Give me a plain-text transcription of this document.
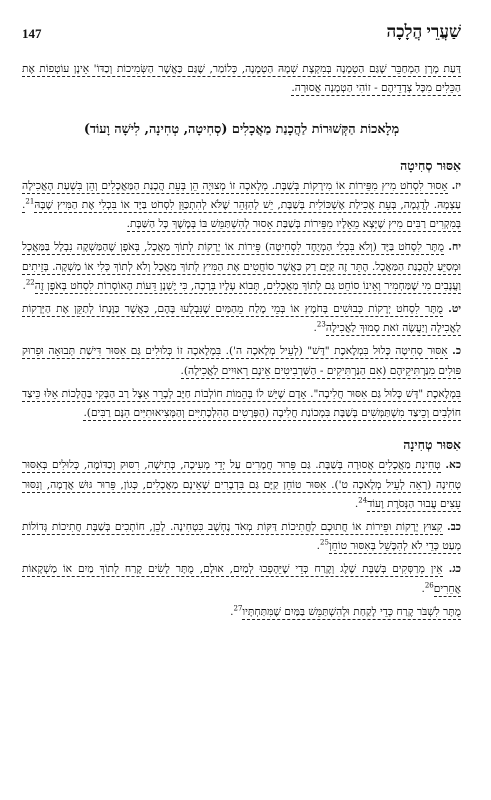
147	שַׁעֲרֵי הֲלָכָה

דַּעַת מָרָן הַמְחַבֵּר שֶׁגַּם הַטְמָנָה בְּמִקְצָת שְׁמָהּ הַטְמָנָה, כְּלוֹמַר, שֶׁגַּם כַּאֲשֶׁר הַשְּׂמִיכוֹת וְכַדּוֹ' אֵינָן עוֹטְפוֹת אֶת הַכֵּלִים מִכָּל צְדָדֵיהֶם - זוֹהִי הַטְמָנָה אֲסוּרָה.

מְלָאכוֹת הַקְּשׁוּרוֹת לַהֲכָנַת מַאֲכָלִים (סְחִיטָה, טְחִינָה, לִישָׁה וָעוֹד)
אִסּוּר סְחִיטָה

יז. אָסוּר לִסְחֹט מִיץ מִפֵּירוֹת אוֹ מִירָקוֹת בְּשַׁבָּת. מְלָאכָה זוֹ מְצוּיָה הֵן בְּעֵת הֲכָנַת הַמַּאֲכָלִים וְהֵן בִּשְׁעַת הָאֲכִילָה עַצְמָהּ. לְדֻגְמָה, בְּעֵת אֲכִילַת אֶשְׁכּוֹלִית בְּשַׁבָּת, יֵשׁ לְהִזָּהֵר שֶׁלֹּא לְהִתְכַּוֵּן לִסְחֹט בַּיָּד אוֹ בִּכְלִי אֶת הַמִּיץ שֶׁבָּהּ$^{21}$. בְּמִקְרִים רַבִּים מִיץ שֶׁיָּצָא מֵאֵלָיו מִפֵּירוֹת בְּשַׁבַּת אָסוּר לְהִשְׁתַּמֵּשׁ בּוֹ בְּמֶשֶׁךְ כָּל הַשַּׁבָּת.

יח. מֻתָּר לִסְחֹט בַּיָּד (וְלֹא בִּכְלִי הַמְיֻחָד לִסְחִיטָה) פֵּירוֹת אוֹ יְרָקוֹת לְתוֹךְ מַאֲכָל, בְּאֹפֶן שֶׁהַמַּשְׁקֶה נִבְלָל בַּמַּאֲכָל וּמְסַיֵּעַ לַהֲכָנַת הַמַּאֲכָל. הֶתֵּר זֶה קַיָּם רַק כַּאֲשֶׁר סוֹחֲטִים אֶת הַמִּיץ לְתוֹךְ מַאֲכָל וְלֹא לְתוֹךְ כְּלִי אוֹ מַשְׁקֶה. בְּזֵיתִים וַעֲנָבִים מִי שֶׁמַּחְמִיר וְאֵינוֹ סוֹחֵט גַּם לְתוֹךְ מַאֲכָלִים, תָּבוֹא עָלָיו בְּרָכָה, כִּי יֶשְׁנָן דֵּעוֹת הָאוֹסְרוֹת לִסְחֹט בְּאֹפֶן זֶה$^{22}$.

יט. מֻתָּר לִסְחֹט יְרָקוֹת כְּבוּשִׁים בְּחֹמֶץ אוֹ בְּמֵי מֶלַח מֵהַמַּיִם שֶׁנִּבְלְעוּ בָּהֶם, כַּאֲשֶׁר כַּוָּנָתוֹ לְתַקֵּן אֶת הַיְּרָקוֹת לַאֲכִילָה וְיַעֲשֶׂה זֹאת סָמוּךְ לַאֲכִילָה$^{23}$.

כ. אִסּוּר סְחִיטָה כָּלוּל בִּמְלֶאכֶת "דָּשׁ" (לְעֵיל מְלָאכָה ה'). בִּמְלָאכָה זוֹ כְּלוּלִים גַּם אִסּוּר דִּישַׁת תְּבוּאָה וּפֵרוּק פּוּלִים מִנַּרְתִּיקֵיהֶם (אִם הַנַּרְתִּיקִים - הַשַּׁרְבִיטִים אֵינָם רְאוּיִים לַאֲכִילָה).

בִּמְלֶאכֶת "דָּשׁ כָּלוּל גַּם אִסּוּר חֲלִיבָה". אָדָם שֶׁיֵּשׁ לוֹ בְּהֵמוֹת חוֹלְבוֹת חַיָּב לְבָרֵר אֵצֶל רַב הַבָּקִי בַּהֲלָכוֹת אֵלּוּ כֵּיצַד חוֹלְבִים וְכֵיצַד מִשְׁתַּמְּשִׁים בְּשַׁבָּת בִּמְכוֹנַת חֲלִיבָה (הַפְּרָטִים הַהִלְכָתִיִּים וְהַמְּצִיאוּתִיִּים הֵנָּם רַבִּים).

אִסּוּר טְחִינָה

כא. טְחִינַת מַאֲכָלִים אֲסוּרָה בְּשַׁבָּת. גַּם פֵּרוּר חֲמָרִים עַל יְדֵי מְעִיכָה, כְּתִישָׁה, רִסּוּק וְכַדּוֹמֶה, כְּלוּלִים בְּאִסּוּר טְחִינָה (רְאֵה לְעֵיל מְלָאכָה ט'). אִסּוּר טוֹחֵן קַיָּם גַּם בִּדְבָרִים שֶׁאֵינָם מַאֲכָלִים, כְּגוֹן, פֵּרוּר גּוּשׁ אֲדָמָה, וְנִסּוּר עֵצִים עֲבוּר הַנְּסֹרֶת וָעוֹד$^{24}$.

כב. קִצּוּץ יְרָקוֹת וּפֵירוֹת אוֹ חֲתוּכָם לַחֲתִיכוֹת דַּקּוֹת מְאֹד נֶחְשָׁב כִּטְחִינָה. לָכֵן, חוֹתְכִים בְּשַׁבָּת חֲתִיכוֹת גְּדוֹלוֹת מְעַט כְּדֵי לֹא לְהִכָּשֵׁל בְּאִסּוּר טוֹחֵן$^{25}$.

כג. אֵין מְרַסְּקִים בְּשַׁבָּת שֶׁלֶג וְקֶרַח כְּדֵי שֶׁיֵּהָפְכוּ לְמַיִם, אוּלָם, מֻתָּר לָשִׂים קֶרַח לְתוֹךְ מַיִם אוֹ מַשְׁקָאוֹת אֲחֵרִים$^{26}$.

מֻתָּר לִשְׁבֹּר קֶרַח כְּדֵי לָקַחַת וּלְהִשְׁתַּמֵּשׁ בַּמַּיִם שֶׁמִּתַּחְתָּיו$^{27}$.
